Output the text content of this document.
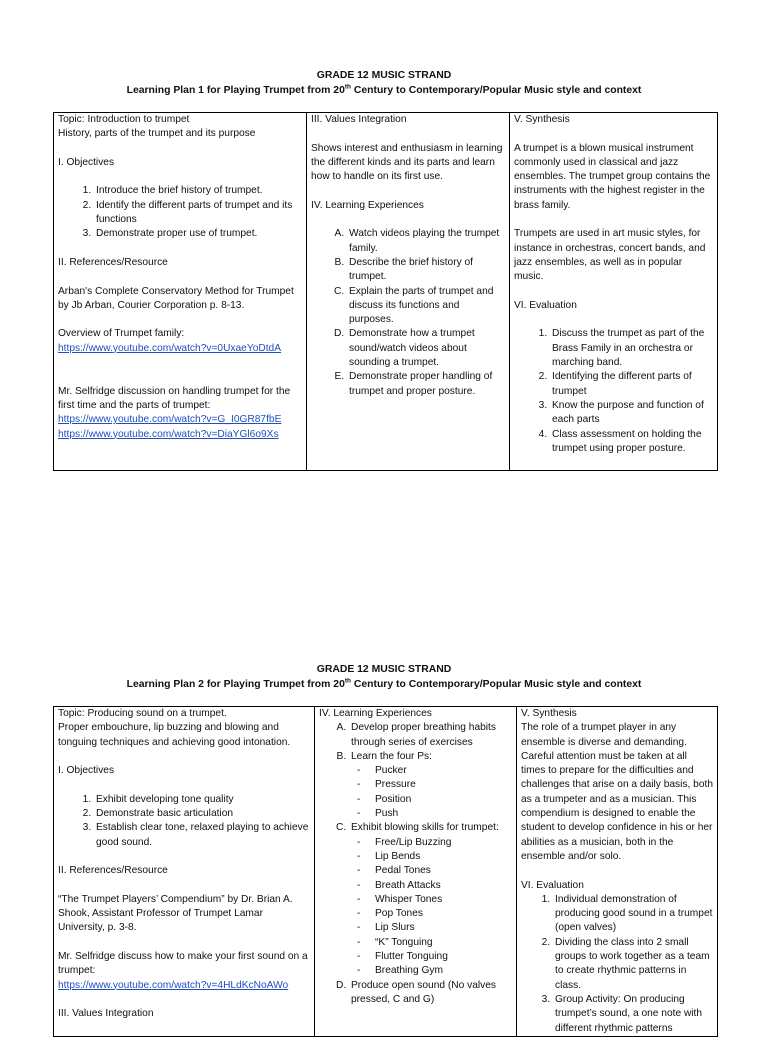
GRADE 12 MUSIC STRAND
Learning Plan 1 for Playing Trumpet from 20th Century to Contemporary/Popular Music style and context
Topic: Introduction to trumpet
History, parts of the trumpet and its purpose
I. Objectives
1. Introduce the brief history of trumpet.
2. Identify the different parts of trumpet and its functions
3. Demonstrate proper use of trumpet.
II. References/Resource
Arban's Complete Conservatory Method for Trumpet by Jb Arban, Courier Corporation p. 8-13.
Overview of Trumpet family:
https://www.youtube.com/watch?v=0UxaeYoDtdA
Mr. Selfridge discussion on handling trumpet for the first time and the parts of trumpet:
https://www.youtube.com/watch?v=G_I0GR87fbE
https://www.youtube.com/watch?v=DiaYGl6o9Xs	
III. Values Integration
Shows interest and enthusiasm in learning the different kinds and its parts and learn how to handle on its first use.
IV. Learning Experiences
A. Watch videos playing the trumpet family.
B. Describe the brief history of trumpet.
C. Explain the parts of trumpet and discuss its functions and purposes.
D. Demonstrate how a trumpet sound/watch videos about sounding a trumpet.
E. Demonstrate proper handling of trumpet and proper posture.

V. Synthesis
A trumpet is a blown musical instrument commonly used in classical and jazz ensembles. The trumpet group contains the instruments with the highest register in the brass family.
Trumpets are used in art music styles, for instance in orchestras, concert bands, and jazz ensembles, as well as in popular music.
VI. Evaluation
1. Discuss the trumpet as part of the Brass Family in an orchestra or marching band.
2. Identifying the different parts of trumpet
3. Know the purpose and function of each parts
4. Class assessment on holding the trumpet using proper posture.
GRADE 12 MUSIC STRAND
Learning Plan 2 for Playing Trumpet from 20th Century to Contemporary/Popular Music style and context
Topic: Producing sound on a trumpet.
Proper embouchure, lip buzzing and blowing and tonguing techniques and achieving good intonation.
I. Objectives
1. Exhibit developing tone quality
2. Demonstrate basic articulation
3. Establish clear tone, relaxed playing to achieve good sound.
II. References/Resource
“The Trumpet Players’ Compendium” by Dr. Brian A. Shook, Assistant Professor of Trumpet Lamar University, p. 3-8.
Mr. Selfridge discuss how to make your first sound on a trumpet:
https://www.youtube.com/watch?v=4HLdKcNoAWo
III. Values Integration

IV. Learning Experiences
A. Develop proper breathing habits through series of exercises
B. Learn the four Ps:
- Pucker
- Pressure
- Position
- Push
C. Exhibit blowing skills for trumpet:
- Free/Lip Buzzing
- Lip Bends
- Pedal Tones
- Breath Attacks
- Whisper Tones
- Pop Tones
- Lip Slurs
- “K” Tonguing
- Flutter Tonguing
- Breathing Gym
D. Produce open sound (No valves pressed, C and G)

V. Synthesis
The role of a trumpet player in any ensemble is diverse and demanding. Careful attention must be taken at all times to prepare for the difficulties and challenges that arise on a daily basis, both as a trumpeter and as a musician. This compendium is designed to enable the student to develop confidence in his or her abilities as a musician, both in the ensemble and/or solo.
VI. Evaluation
1. Individual demonstration of producing good sound in a trumpet (open valves)
2. Dividing the class into 2 small groups to work together as a team to create rhythmic patterns in class.
3. Group Activity: On producing trumpet’s sound, a one note with different rhythmic patterns
